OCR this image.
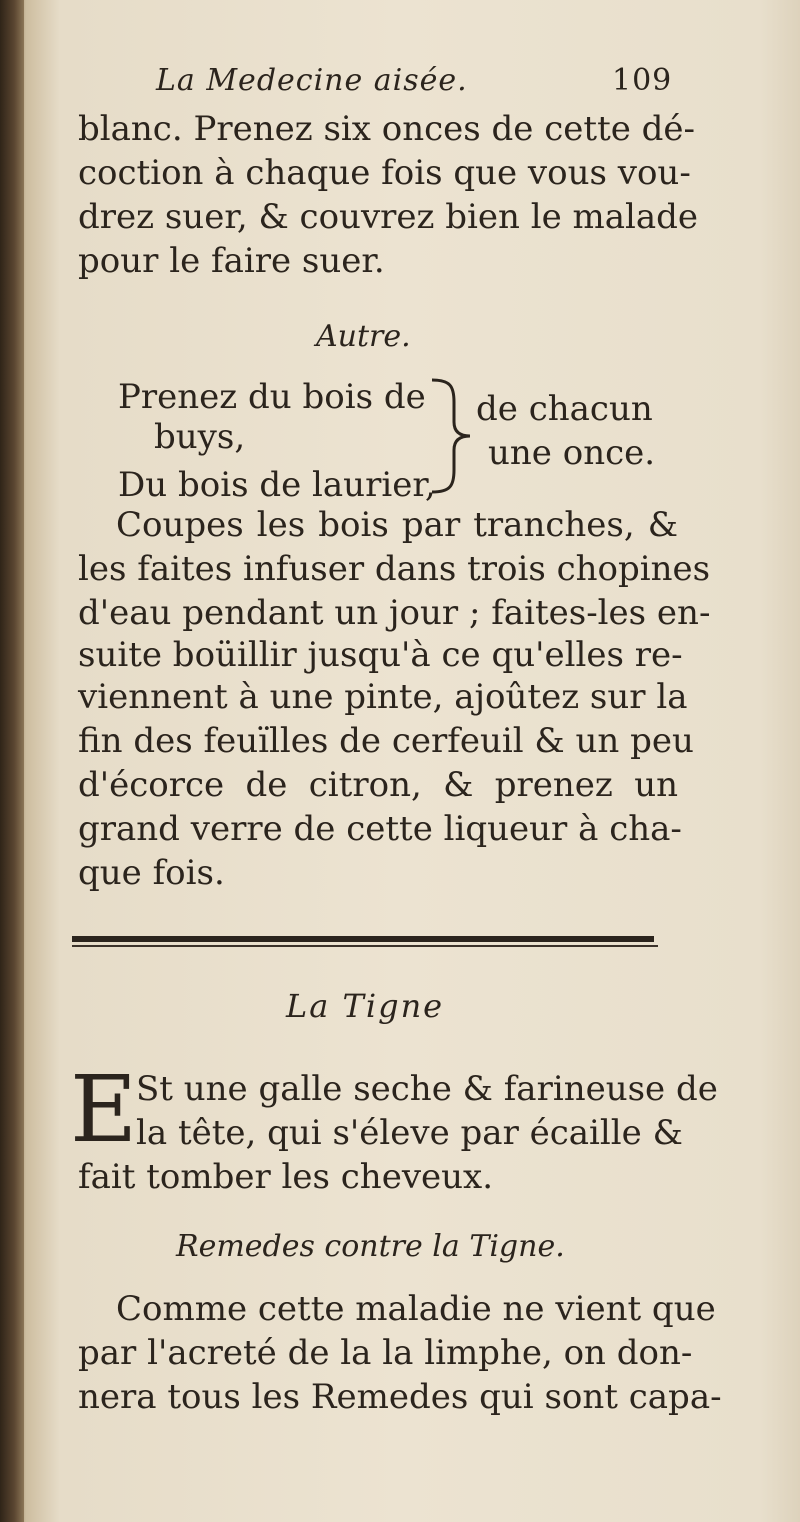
La Medecine aisée.	109
blanc. Prenez six onces de cette dé-
coction à chaque fois que vous vou-
drez suer, & couvrez bien le malade
pour le faire suer.
Autre.
Prenez du bois de
buys,
Du bois de laurier,
de chacun
une once.
Coupes les bois par tranches, &
les faites infuser dans trois chopines
d'eau pendant un jour ; faites-les en-
suite boüillir jusqu'à ce qu'elles re-
viennent à une pinte, ajoûtez sur la
fin des feuïlles de cerfeuil & un peu
d'écorce de citron, & prenez un
grand verre de cette liqueur à cha-
que fois.
La Tigne
E
St une galle seche & farineuse de
la tête, qui s'éleve par écaille &
fait tomber les cheveux.
Remedes contre la Tigne.
Comme cette maladie ne vient que
par l'acreté de la la limphe, on don-
nera tous les Remedes qui sont capa-
